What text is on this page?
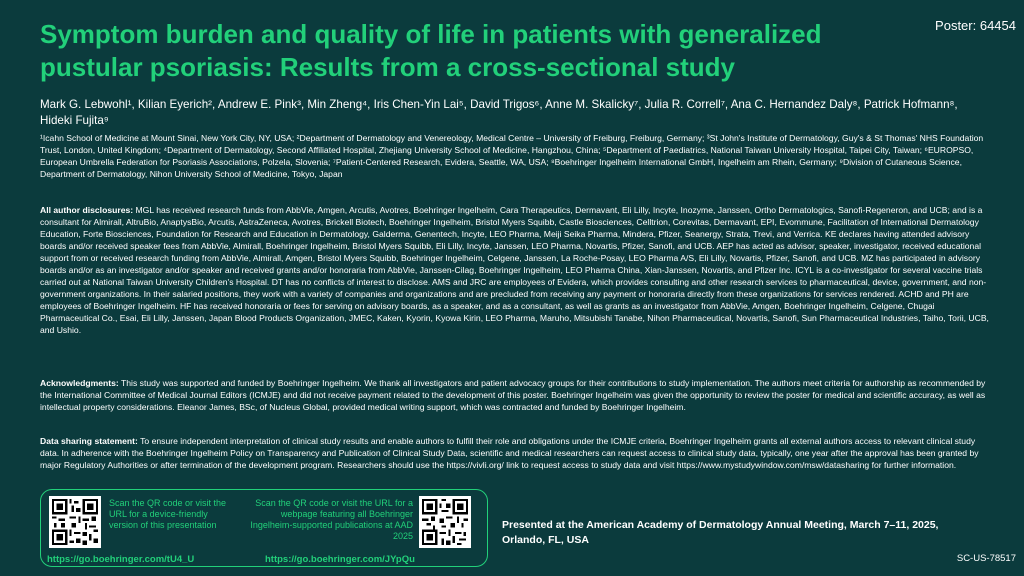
Poster: 64454
Symptom burden and quality of life in patients with generalized pustular psoriasis: Results from a cross-sectional study

Mark G. Lebwohl¹, Kilian Eyerich², Andrew E. Pink³, Min Zheng⁴, Iris Chen-Yin Lai⁵, David Trigos⁶, Anne M. Skalicky⁷, Julia R. Correll⁷, Ana C. Hernandez Daly⁸, Patrick Hofmann⁸, Hideki Fujita⁹

¹Icahn School of Medicine at Mount Sinai, New York City, NY, USA; ²Department of Dermatology and Venereology, Medical Centre – University of Freiburg, Freiburg, Germany; ³St John's Institute of Dermatology, Guy's & St Thomas' NHS Foundation Trust, London, United Kingdom; ⁴Department of Dermatology, Second Affiliated Hospital, Zhejiang University School of Medicine, Hangzhou, China; ⁵Department of Paediatrics, National Taiwan University Hospital, Taipei City, Taiwan; ⁶EUROPSO, European Umbrella Federation for Psoriasis Associations, Polzela, Slovenia; ⁷Patient-Centered Research, Evidera, Seattle, WA, USA; ⁸Boehringer Ingelheim International GmbH, Ingelheim am Rhein, Germany; ⁹Division of Cutaneous Science, Department of Dermatology, Nihon University School of Medicine, Tokyo, Japan

All author disclosures: MGL has received research funds from AbbVie, Amgen, Arcutis, Avotres, Boehringer Ingelheim, Cara Therapeutics, Dermavant, Eli Lilly, Incyte, Inozyme, Janssen, Ortho Dermatologics, Sanofi-Regeneron, and UCB; and is a consultant for Almirall, AltruBio, AnaptysBio, Arcutis, AstraZeneca, Avotres, Brickell Biotech, Boehringer Ingelheim, Bristol Myers Squibb, Castle Biosciences, Celltrion, Corevitas, Dermavant, EPI, Evommune, Facilitation of International Dermatology Education, Forte Biosciences, Foundation for Research and Education in Dermatology, Galderma, Genentech, Incyte, LEO Pharma, Meiji Seika Pharma, Mindera, Pfizer, Seanergy, Strata, Trevi, and Verrica. KE declares having attended advisory boards and/or received speaker fees from AbbVie, Almirall, Boehringer Ingelheim, Bristol Myers Squibb, Eli Lilly, Incyte, Janssen, LEO Pharma, Novartis, Pfizer, Sanofi, and UCB. AEP has acted as advisor, speaker, investigator, received educational support from or received research funding from AbbVie, Almirall, Amgen, Bristol Myers Squibb, Boehringer Ingelheim, Celgene, Janssen, La Roche-Posay, LEO Pharma A/S, Eli Lilly, Novartis, Pfizer, Sanofi, and UCB. MZ has participated in advisory boards and/or as an investigator and/or speaker and received grants and/or honoraria from AbbVie, Janssen-Cilag, Boehringer Ingelheim, LEO Pharma China, Xian-Janssen, Novartis, and Pfizer Inc. ICYL is a co-investigator for several vaccine trials carried out at National Taiwan University Children's Hospital. DT has no conflicts of interest to disclose. AMS and JRC are employees of Evidera, which provides consulting and other research services to pharmaceutical, device, government, and non-government organizations. In their salaried positions, they work with a variety of companies and organizations and are precluded from receiving any payment or honoraria directly from these organizations for services rendered. ACHD and PH are employees of Boehringer Ingelheim. HF has received honoraria or fees for serving on advisory boards, as a speaker, and as a consultant, as well as grants as an investigator from AbbVie, Amgen, Boehringer Ingelheim, Celgene, Chugai Pharmaceutical Co., Esai, Eli Lilly, Janssen, Japan Blood Products Organization, JMEC, Kaken, Kyorin, Kyowa Kirin, LEO Pharma, Maruho, Mitsubishi Tanabe, Nihon Pharmaceutical, Novartis, Sanofi, Sun Pharmaceutical Industries, Taiho, Torii, UCB, and Ushio.

Acknowledgments: This study was supported and funded by Boehringer Ingelheim. We thank all investigators and patient advocacy groups for their contributions to study implementation. The authors meet criteria for authorship as recommended by the International Committee of Medical Journal Editors (ICMJE) and did not receive payment related to the development of this poster. Boehringer Ingelheim was given the opportunity to review the poster for medical and scientific accuracy, as well as intellectual property considerations. Eleanor James, BSc, of Nucleus Global, provided medical writing support, which was contracted and funded by Boehringer Ingelheim.

Data sharing statement: To ensure independent interpretation of clinical study results and enable authors to fulfill their role and obligations under the ICMJE criteria, Boehringer Ingelheim grants all external authors access to relevant clinical study data. In adherence with the Boehringer Ingelheim Policy on Transparency and Publication of Clinical Study Data, scientific and medical researchers can request access to clinical study data, typically, one year after the approval has been granted by major Regulatory Authorities or after termination of the development program. Researchers should use the https://vivli.org/ link to request access to study data and visit https://www.mystudywindow.com/msw/datasharing for further information.

Scan the QR code or visit the URL for a device-friendly version of this presentation
Scan the QR code or visit the URL for a webpage featuring all Boehringer Ingelheim-supported publications at AAD 2025
https://go.boehringer.com/tU4_U	https://go.boehringer.com/JYpQu
Presented at the American Academy of Dermatology Annual Meeting, March 7–11, 2025, Orlando, FL, USA
SC-US-78517
